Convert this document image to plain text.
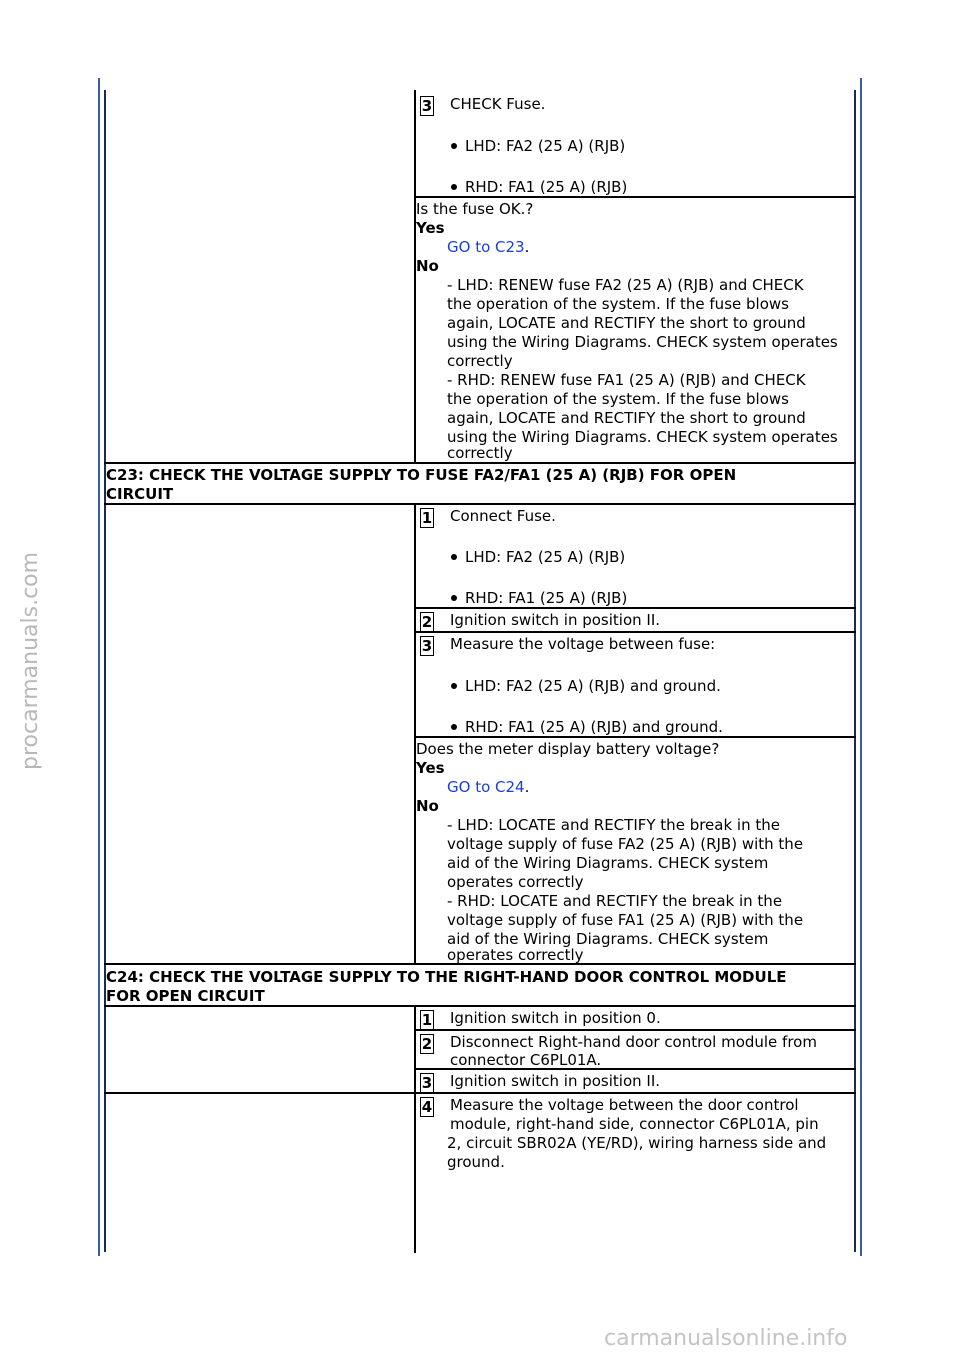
3 CHECK Fuse.
LHD: FA2 (25 A) (RJB)
RHD: FA1 (25 A) (RJB)
Is the fuse OK.?
Yes
GO to C23.
No
- LHD: RENEW fuse FA2 (25 A) (RJB) and CHECK
the operation of the system. If the fuse blows
again, LOCATE and RECTIFY the short to ground
using the Wiring Diagrams. CHECK system operates
correctly
- RHD: RENEW fuse FA1 (25 A) (RJB) and CHECK
the operation of the system. If the fuse blows
again, LOCATE and RECTIFY the short to ground
using the Wiring Diagrams. CHECK system operates
correctly
C23: CHECK THE VOLTAGE SUPPLY TO FUSE FA2/FA1 (25 A) (RJB) FOR OPEN
CIRCUIT
1 Connect Fuse.
LHD: FA2 (25 A) (RJB)
RHD: FA1 (25 A) (RJB)
2 Ignition switch in position II.
3 Measure the voltage between fuse:
LHD: FA2 (25 A) (RJB) and ground.
RHD: FA1 (25 A) (RJB) and ground.
Does the meter display battery voltage?
Yes
GO to C24.
No
- LHD: LOCATE and RECTIFY the break in the
voltage supply of fuse FA2 (25 A) (RJB) with the
aid of the Wiring Diagrams. CHECK system
operates correctly
- RHD: LOCATE and RECTIFY the break in the
voltage supply of fuse FA1 (25 A) (RJB) with the
aid of the Wiring Diagrams. CHECK system
operates correctly
C24: CHECK THE VOLTAGE SUPPLY TO THE RIGHT-HAND DOOR CONTROL MODULE
FOR OPEN CIRCUIT
1 Ignition switch in position 0.
2 Disconnect Right-hand door control module from
connector C6PL01A.
3 Ignition switch in position II.
4 Measure the voltage between the door control
module, right-hand side, connector C6PL01A, pin
2, circuit SBR02A (YE/RD), wiring harness side and
ground.
procarmanuals.com
carmanualsonline.info
